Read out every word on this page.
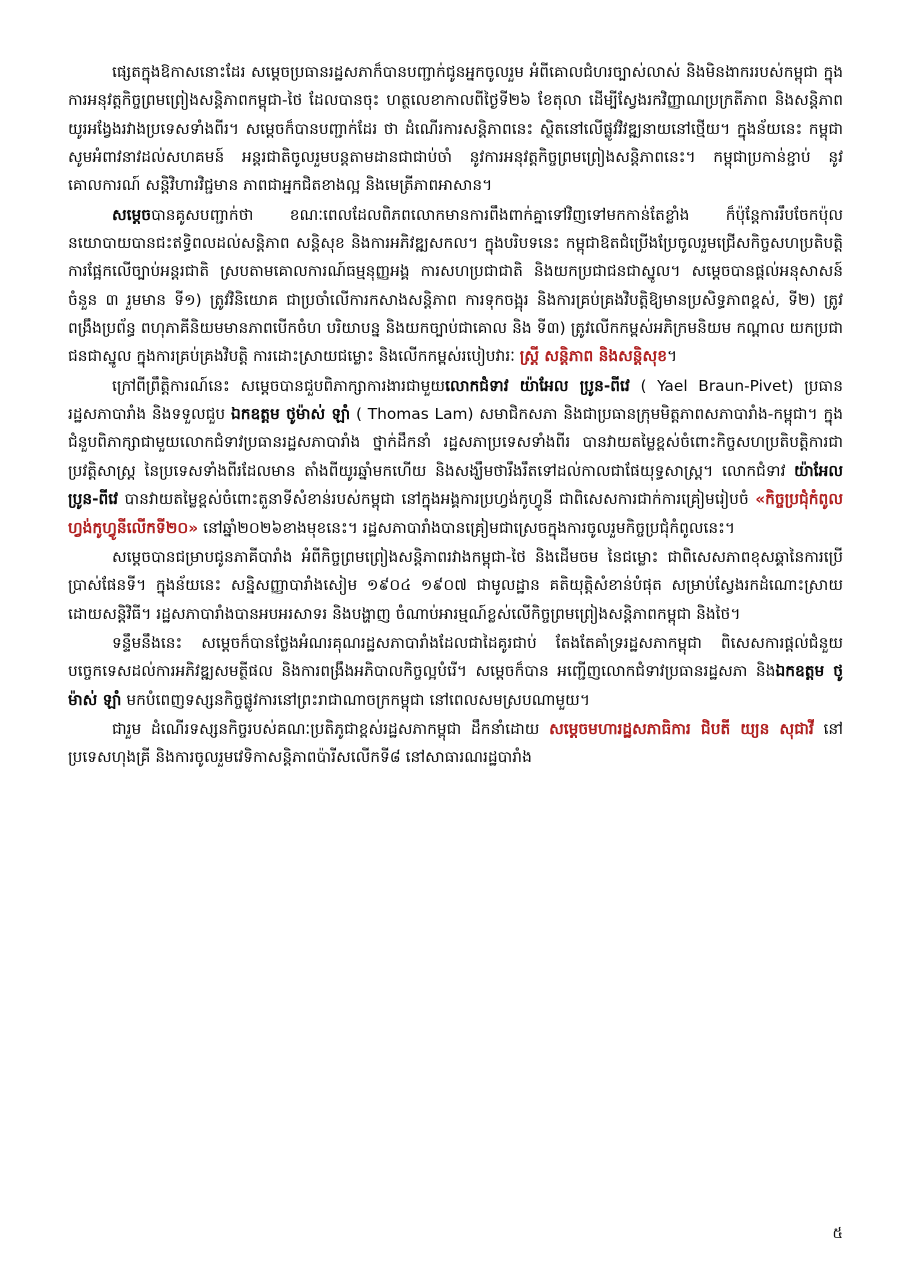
ផ្សេតក្នុងឱកាសនោះដែរ សម្ដេចប្រធានរដ្ឋសភាក៏បានបញ្ជាក់ជូនអ្នកចូលរួម អំពីគោលជំហរច្បាស់លាស់ និងមិនងាកររបស់កម្ពុជា ក្នុងការអនុវត្តកិច្ចព្រមព្រៀងសន្តិភាពកម្ពុជា-ថៃ ដែលបានចុះ ហត្ថលេខាកាលពីថ្ងៃទី២៦ ខែតុលា ដើម្បីស្វែងរកវិញ្ញាណប្រក្រតីភាព និងសន្តិភាពយូរអង្វែងរវាងប្រទេសទាំងពីរ។ សម្ដេចក៏បានបញ្ជាក់ដែរ ថា ដំណើរការសន្តិភាពនេះ ស្ថិតនៅលើផ្លូវវិវឌ្ឍនាយនៅថ្មើយ។ ក្នុងន័យនេះ កម្ពុជាសូមអំពាវនាវដល់សហគមន៍ អន្តរជាតិចូលរួមបន្តតាមដានជាជាប់ចាំ នូវការអនុវត្តកិច្ចព្រមព្រៀងសន្តិភាពនេះ។ កម្ពុជាប្រកាន់ខ្ជាប់ នូវ គោលការណ៍ សន្តិវិហារវិជ្ជមាន ភាពជាអ្នកជិតខាងល្អ និងមេត្រីភាពអាសាន។

សម្ដេចបានគូសបញ្ជាក់ថា ខណៈពេលដែលពិភពលោកមានការពឹងពាក់គ្នាទៅវិញទៅមកកាន់តែខ្លាំង ក៏ប៉ុន្តែការរឹបចែកប៉ុលនយោបាយបានជះឥទ្ធិពលដល់សន្តិភាព សន្តិសុខ និងការអភិវឌ្ឍសកល។ ក្នុងបរិបទនេះ កម្ពុជាឱតជំប្រើងប្រែចូលរួមជ្រើសកិច្ចសហប្រតិបត្តិការផ្អែកលើច្បាប់អន្តរជាតិ ស្របតាមគោលការណ៍ធម្មនុញ្ញអង្គ ការសហប្រជាជាតិ និងយកប្រជាជនជាស្នូល។ សម្ដេចបានផ្ដល់អនុសាសន៍ ចំនួន ៣ រួមមាន ទី១) ត្រូវវិនិយោគ ជាប្រចាំលើការកសាងសន្តិភាព ការទុកចង្អុរ និងការគ្រប់គ្រងវិបត្តិឱ្យមានប្រសិទ្ធភាពខ្ពស់, ទី២) ត្រូវពង្រឹងប្រព័ន្ធ ពហុភាគីនិយមមានភាពបើកចំហ បរិយាបន្ន និងយកច្បាប់ជាគោល និង ទី៣) ត្រូវលើកកម្ពស់អភិក្រមនិយម កណ្ដាល យកប្រជាជនជាស្នូល ក្នុងការគ្រប់គ្រងវិបត្តិ ការដោះស្រាយជម្លោះ និងលើកកម្ពស់របៀបវារៈ ស្ត្រី សន្តិភាព និងសន្តិសុខ។

ក្រៅពីព្រឹត្តិការណ៍នេះ សម្ដេចបានជួបពិភាក្សាការងារជាមួយលោកជំទាវ យ៉ាអែល ប្រូន-ពីវេ ( Yael Braun-Pivet) ប្រធានរដ្ឋសភាបារាំង និងទទួលជួប ឯកឧត្ដម ថូម៉ាស់ ឡាំ ( Thomas Lam) សមាជិកសភា និងជាប្រធានក្រុមមិត្តភាពសភាបារាំង-កម្ពុជា។ ក្នុងជំនួបពិភាក្សាជាមួយលោកជំទាវប្រធានរដ្ឋសភាបារាំង ថ្នាក់ដឹកនាំ រដ្ឋសភាប្រទេសទាំងពីរ បានវាយតម្លៃខ្ពស់ចំពោះកិច្ចសហប្រតិបត្តិការជាប្រវត្តិសាស្ត្រ នៃប្រទេសទាំងពីរដែលមាន តាំងពីយូរឆ្នាំមកហើយ និងសង្ឃឹមថារឹងរឹតទៅដល់កាលជាផែយុទ្ធសាស្ត្រ។ លោកជំទាវ យ៉ាអែល ប្រូន-ពីវេ បានវាយតម្លៃខ្ពស់ចំពោះតួនាទីសំខាន់របស់កម្ពុជា នៅក្នុងអង្គការប្រហ្វង់កូហ្វូនី ជាពិសេសការជាក់ការគ្រៀមរៀបចំ «កិច្ចប្រជុំកំពូលហ្វង់កូហ្វូនីលើកទី២០» នៅឆ្នាំ២០២៦ខាងមុខនេះ។ រដ្ឋសភាបារាំងបានគ្រៀមជាស្រេចក្នុងការចូលរួមកិច្ចប្រជុំកំពូលនេះ។

សម្ដេចបានជម្រាបជូនភាគីបារាំង អំពីកិច្ចព្រមព្រៀងសន្តិភាពរវាងកម្ពុជា-ថៃ និងដើមចម នៃជម្លោះ ជាពិសេសភាពខុសឆ្គានៃការប្រើប្រាស់ផែនទី។ ក្នុងន័យនេះ សន្និសញ្ញាបារាំងសៀម ១៩០៤ ១៩០៧ ជាមូលដ្ឋាន គតិយុត្តិសំខាន់បំផុត សម្រាប់ស្វែងរកដំណោះស្រាយដោយសន្តិវិធី។ រដ្ឋសភាបារាំងបានអបអរសាទរ និងបង្ហាញ ចំណាប់អារម្មណ៍ខ្លស់លើកិច្ចព្រមព្រៀងសន្តិភាពកម្ពុជា និងថៃ។

ទន្ទឹមនឹងនេះ សម្ដេចក៏បានថ្លែងអំណរគុណរដ្ឋសភាបារាំងដែលជាដៃគូរជាប់ តែងតែគាំទ្ររដ្ឋសភាកម្ពុជា ពិសេសការផ្ដល់ជំនួយបច្ចេកទេសដល់ការអភិវឌ្ឍសមត្ថីផល និងការពង្រឹងអភិបាលកិច្ចល្អបំរើ។ សម្ដេចក៏បាន អញ្ជើញលោកជំទាវប្រធានរដ្ឋសភា និងឯកឧត្ដម ថូម៉ាស់ ឡាំ មកបំពេញទស្សនកិច្ចផ្លូវការនៅព្រះរាជាណាចក្រកម្ពុជា នៅពេលសមស្របណាមួយ។

ជារួម ដំណើរទស្សនកិច្ចរបស់គណៈប្រតិភូជាខ្ពស់រដ្ឋសភាកម្ពុជា ដឹកនាំដោយ សម្ដេចមហារដ្ឋសភាធិការ ជិបតី យ្យន សុជាវី នៅប្រទេសហុងគ្រី និងការចូលរួមវេទិកាសន្តិភាពប៉ារីសលើកទី៨ នៅសាធារណរដ្ឋបារាំង

៥
